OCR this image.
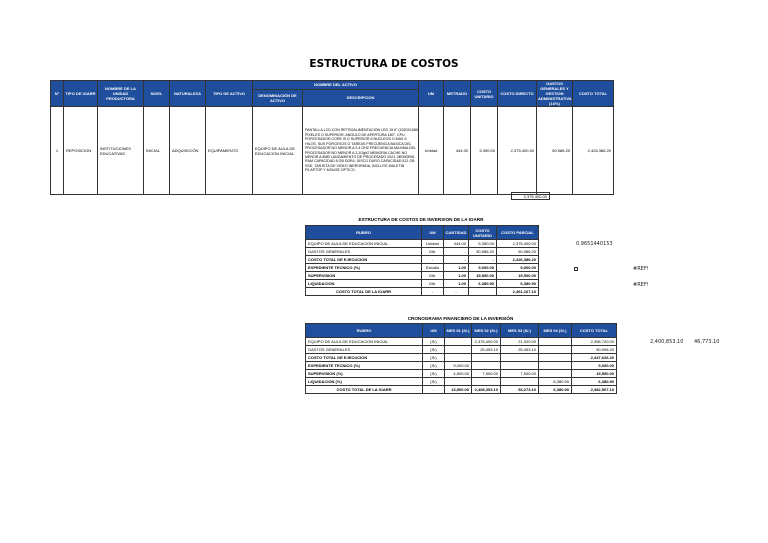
ESTRUCTURA DE COSTOS
N°	TIPO DE IOARR	NOMBRE DE LA UNIDAD PRODUCTORA	NIVEL	NATURALEZA	TIPO DE ACTIVO	NOMBRE DEL ACTIVO		UM	METRADO	COSTO UNITARIO	COSTO DIRECTO	GASTOS GENERALES Y GESTION ADMINISTRATIVA (16%)	COSTO TOTAL
						DENOMINACIÓN DE ACTIVO	DESCRIPCION						
1	REPOSICION	INSTITUCIONES EDUCATIVAS	INICIAL	ADQUISICIÓN	EQUIPAMIENTO	EQUIPO DE AULA DE EDUCACION INICIAL	PANTALLA LCD CON RETROALIMENTACION LED 15.6" (1920X1080 PIXELES O SUPERIOR, ANGULO DE APERTURA 180°, CPU PORCESADOR CORE I5 O SUPERIOR 6 NUCLEOS O MAS 6 HILOS, SUS PORCESOS O TAREAS FRECUENCIA BASICA DEL PROCESADOR NO MENOR A 2.4 GHZ FRECUENCIA MAXIMA DEL PROCESADOR NO MENOR A 3.1Ggh2 MEMORIA CACHE NO MENOR A 8MB LANZAMIENTO DE PROCESADO 2021, MEMORIA RAM CAPACIDAD 8 GB DDR4, DISCO DURO CAPACIDAD 512 GB SSD, TARJETA DE VIDEO INERGRADA, INCLUYE MALETIN P/LAPTOP Y MOUSE OPTICO.	Unidad	444.00	5,350.00	2,375,400.00	50,986.20	2,426,386.20
2,375,400.00
ESTRUCTURA DE COSTOS DE INVERSION DE LA IOARR
RUBRO	UM	CANTIDAD	COSTO UNITARIO	COSTO PARCIAL
EQUIPO DE AULA DE EDUCACION INICIAL	Unidad	444.00	5,350.00	2,375,400.00
GASTOS GENERALES	Glb.	-	50,986.20	50,986.20
COSTO TOTAL DE EJECUCION	-	-	-	2,426,386.20
EXPEDIENTE TECNICO (%)	Estudio	1.00	9,000.00	9,000.00
SUPERVISION	Glb.	1.00	19,500.00	19,500.00
LIQUIDACION	Glb.	1.00	6,380.90	6,380.90
COSTO TOTAL DE LA IOARR	-	-		2,461,167.10
0.9651440153
#REF!
#REF!
CRONOGRAMA FINANCIERO DE LA INVERSIÓN
RUBRO	UM	MES 01 (S/.)	MES 02 (S/.)	MES 03 (S/.)	MES 04 (S/.)	COSTO TOTAL
EQUIPO DE AULA DE EDUCACION INICIAL	(S/)		2,375,400.00	21,320.00		2,396,720.00
GASTOS GENERALES	(S/)		25,453.10	25,453.10		50,906.20
COSTO TOTAL DE EJECUCION	(S/)					2,447,626.20
EXPEDIENTE TECNICO (%)	(S/)	9,000.00				9,000.00
SUPERVISION (%)	(S/)	4,500.00	7,500.00	7,500.00		19,500.00
LIQUIDACION (%)	(S/)				6,380.90	6,380.90
COSTO TOTAL DE LA IOARR	-	13,500.00	2,408,353.10	54,273.10	6,380.90	2,482,507.10
2,400,853.10 46,773.10
